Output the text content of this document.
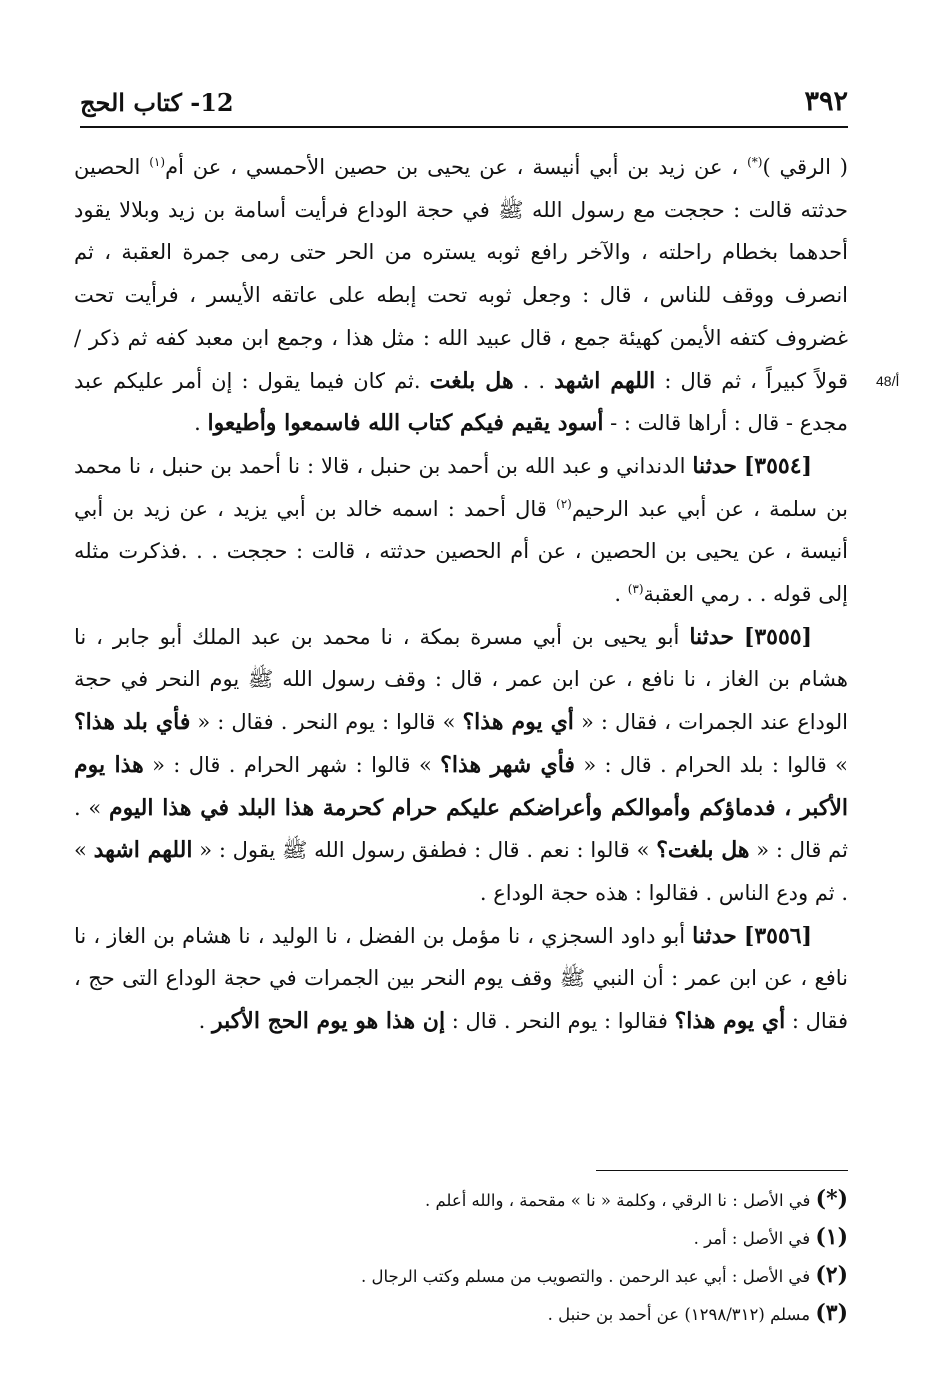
٣٩٢
12- كتاب الحج
48/أ

( الرقي )(*) ، عن زيد بن أبي أنيسة ، عن يحيى بن حصين الأحمسي ، عن أم$^{(١)}$ الحصين حدثته قالت : حججت مع رسول الله ﷺ في حجة الوداع فرأيت أسامة بن زيد وبلالا يقود أحدهما بخطام راحلته ، والآخر رافع ثوبه يستره من الحر حتى رمى جمرة العقبة ، ثم انصرف ووقف للناس ، قال : وجعل ثوبه تحت إبطه على عاتقه الأيسر ، فرأيت تحت غضروف كتفه الأيمن كهيئة جمع ، قال عبيد الله : مثل هذا ، وجمع ابن معبد كفه ثم ذكر / قولاً كبيراً ، ثم قال : اللهم اشهد . . هل بلغت .ثم كان فيما يقول : إن أمر عليكم عبد مجدع - قال : أراها قالت : - أسود يقيم فيكم كتاب الله فاسمعوا وأطيعوا .

[٣٥٥٤] حدثنا الدنداني و عبد الله بن أحمد بن حنبل ، قالا : نا أحمد بن حنبل ، نا محمد بن سلمة ، عن أبي عبد الرحيم$^{(٢)}$ قال أحمد : اسمه خالد بن أبي يزيد ، عن زيد بن أبي أنيسة ، عن يحيى بن الحصين ، عن أم الحصين حدثته ، قالت : حججت . . .فذكرت مثله إلى قوله . . رمي العقبة$^{(٣)}$ .

[٣٥٥٥] حدثنا أبو يحيى بن أبي مسرة بمكة ، نا محمد بن عبد الملك أبو جابر ، نا هشام بن الغاز ، نا نافع ، عن ابن عمر ، قال : وقف رسول الله ﷺ يوم النحر في حجة الوداع عند الجمرات ، فقال : « أي يوم هذا؟ » قالوا : يوم النحر . فقال : « فأي بلد هذا؟ » قالوا : بلد الحرام . قال : « فأي شهر هذا؟ » قالوا : شهر الحرام . قال : « هذا يوم الأكبر ، فدماؤكم وأموالكم وأعراضكم عليكم حرام كحرمة هذا البلد في هذا اليوم » . ثم قال : « هل بلغت؟ » قالوا : نعم . قال : فطفق رسول الله ﷺ يقول : « اللهم اشهد » . ثم ودع الناس . فقالوا : هذه حجة الوداع .

[٣٥٥٦] حدثنا أبو داود السجزي ، نا مؤمل بن الفضل ، نا الوليد ، نا هشام بن الغاز ، نا نافع ، عن ابن عمر : أن النبي ﷺ وقف يوم النحر بين الجمرات في حجة الوداع التى حج ، فقال : أي يوم هذا؟ فقالوا : يوم النحر . قال : إن هذا هو يوم الحج الأكبر .

(*) في الأصل : نا الرقي ، وكلمة « نا » مقحمة ، والله أعلم .
(١) في الأصل : أمر .
(٢) في الأصل : أبي عبد الرحمن . والتصويب من مسلم وكتب الرجال .
(٣) مسلم (١٢٩٨/٣١٢) عن أحمد بن حنبل .
